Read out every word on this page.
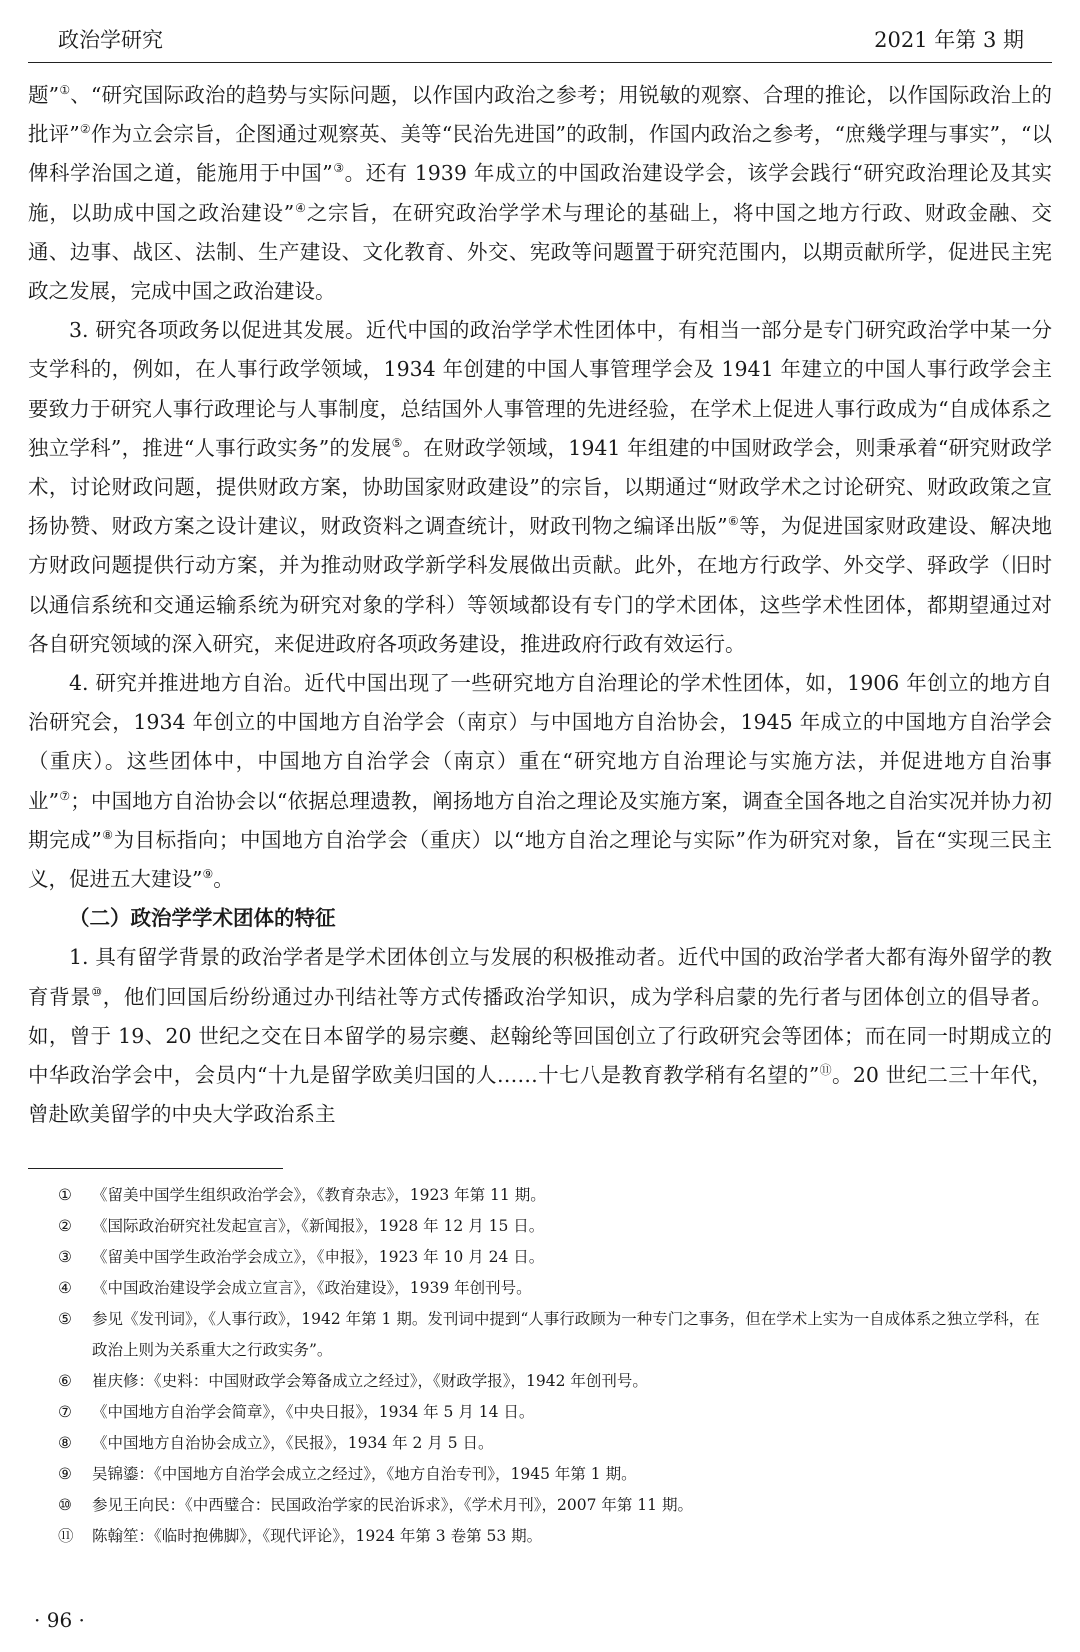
政治学研究	2021 年第 3 期

题”①、“研究国际政治的趋势与实际问题，以作国内政治之参考；用锐敏的观察、合理的推论，以作国际政治上的批评”②作为立会宗旨，企图通过观察英、美等“民治先进国”的政制，作国内政治之参考，“庶幾学理与事实”，“以俾科学治国之道，能施用于中国”③。还有 1939 年成立的中国政治建设学会，该学会践行“研究政治理论及其实施，以助成中国之政治建设”④之宗旨，在研究政治学学术与理论的基础上，将中国之地方行政、财政金融、交通、边事、战区、法制、生产建设、文化教育、外交、宪政等问题置于研究范围内，以期贡献所学，促进民主宪政之发展，完成中国之政治建设。

3. 研究各项政务以促进其发展。近代中国的政治学学术性团体中，有相当一部分是专门研究政治学中某一分支学科的，例如，在人事行政学领域，1934 年创建的中国人事管理学会及 1941 年建立的中国人事行政学会主要致力于研究人事行政理论与人事制度，总结国外人事管理的先进经验，在学术上促进人事行政成为“自成体系之独立学科”，推进“人事行政实务”的发展⑤。在财政学领域，1941 年组建的中国财政学会，则秉承着“研究财政学术，讨论财政问题，提供财政方案，协助国家财政建设”的宗旨，以期通过“财政学术之讨论研究、财政政策之宣扬协赞、财政方案之设计建议，财政资料之调查统计，财政刊物之编译出版”⑥等，为促进国家财政建设、解决地方财政问题提供行动方案，并为推动财政学新学科发展做出贡献。此外，在地方行政学、外交学、驿政学（旧时以通信系统和交通运输系统为研究对象的学科）等领域都设有专门的学术团体，这些学术性团体，都期望通过对各自研究领域的深入研究，来促进政府各项政务建设，推进政府行政有效运行。

4. 研究并推进地方自治。近代中国出现了一些研究地方自治理论的学术性团体，如，1906 年创立的地方自治研究会，1934 年创立的中国地方自治学会（南京）与中国地方自治协会，1945 年成立的中国地方自治学会（重庆）。这些团体中，中国地方自治学会（南京）重在“研究地方自治理论与实施方法，并促进地方自治事业”⑦；中国地方自治协会以“依据总理遗教，阐扬地方自治之理论及实施方案，调查全国各地之自治实况并协力初期完成”⑧为目标指向；中国地方自治学会（重庆）以“地方自治之理论与实际”作为研究对象，旨在“实现三民主义，促进五大建设”⑨。

（二）政治学学术团体的特征

1. 具有留学背景的政治学者是学术团体创立与发展的积极推动者。近代中国的政治学者大都有海外留学的教育背景⑩，他们回国后纷纷通过办刊结社等方式传播政治学知识，成为学科启蒙的先行者与团体创立的倡导者。如，曾于 19、20 世纪之交在日本留学的易宗夔、赵翰纶等回国创立了行政研究会等团体；而在同一时期成立的中华政治学会中，会员内“十九是留学欧美归国的人……十七八是教育教学稍有名望的”⑪。20 世纪二三十年代，曾赴欧美留学的中央大学政治系主

①	《留美中国学生组织政治学会》，《教育杂志》，1923 年第 11 期。
②	《国际政治研究社发起宣言》，《新闻报》，1928 年 12 月 15 日。
③	《留美中国学生政治学会成立》，《申报》，1923 年 10 月 24 日。
④	《中国政治建设学会成立宣言》，《政治建设》，1939 年创刊号。
⑤	参见《发刊词》，《人事行政》，1942 年第 1 期。发刊词中提到“人事行政顾为一种专门之事务，但在学术上实为一自成体系之独立学科，在政治上则为关系重大之行政实务”。
⑥	崔庆修：《史料：中国财政学会筹备成立之经过》，《财政学报》，1942 年创刊号。
⑦	《中国地方自治学会简章》，《中央日报》，1934 年 5 月 14 日。
⑧	《中国地方自治协会成立》，《民报》，1934 年 2 月 5 日。
⑨	吴锦鎏：《中国地方自治学会成立之经过》，《地方自治专刊》，1945 年第 1 期。
⑩	参见王向民：《中西璧合：民国政治学家的民治诉求》，《学术月刊》，2007 年第 11 期。
⑪	陈翰笙：《临时抱佛脚》，《现代评论》，1924 年第 3 卷第 53 期。
· 96 ·
